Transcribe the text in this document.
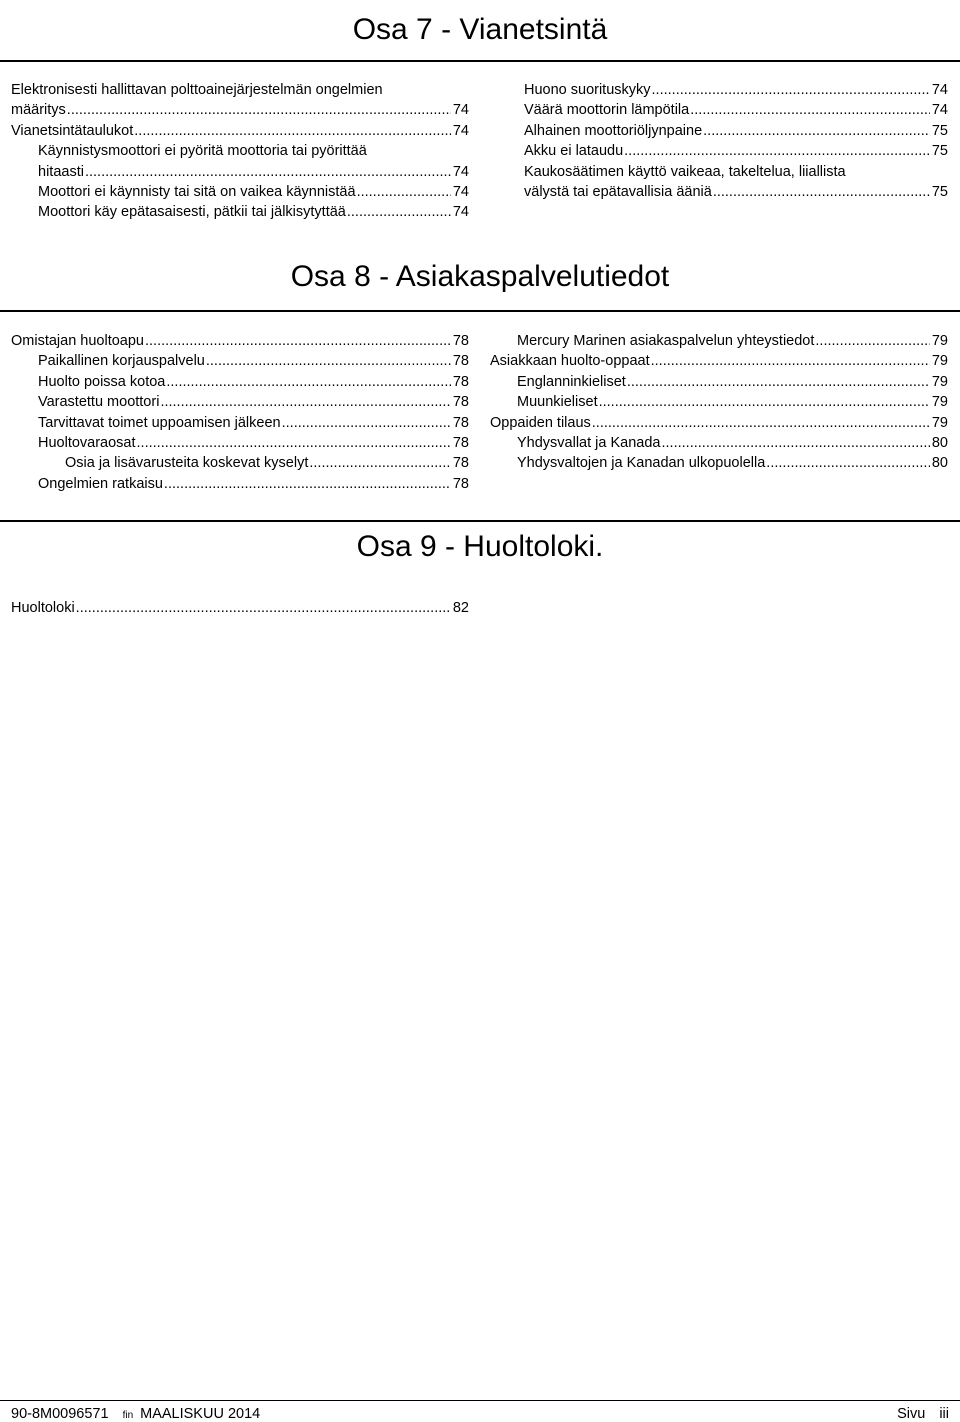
Osa 7 - Vianetsintä
Elektronisesti hallittavan polttoainejärjestelmän ongelmien
määritys .....	74
Vianetsintätaulukot .....	74
Käynnistysmoottori ei pyöritä moottoria tai pyörittää
hitaasti .....	74
Moottori ei käynnisty tai sitä on vaikea käynnistää .....	74
Moottori käy epätasaisesti, pätkii tai jälkisytyttää .....	74
Huono suorituskyky .....	74
Väärä moottorin lämpötila .....	74
Alhainen moottoriöljynpaine .....	75
Akku ei lataudu .....	75
Kaukosäätimen käyttö vaikeaa, takeltelua, liiallista
välystä tai epätavallisia ääniä .....	75
Osa 8 - Asiakaspalvelutiedot
Omistajan huoltoapu .....	78
Paikallinen korjauspalvelu .....	78
Huolto poissa kotoa .....	78
Varastettu moottori .....	78
Tarvittavat toimet uppoamisen jälkeen .....	78
Huoltovaraosat .....	78
Osia ja lisävarusteita koskevat kyselyt .....	78
Ongelmien ratkaisu .....	78
Mercury Marinen asiakaspalvelun yhteystiedot .....	79
Asiakkaan huolto-oppaat .....	79
Englanninkieliset .....	79
Muunkieliset .....	79
Oppaiden tilaus .....	79
Yhdysvallat ja Kanada .....	80
Yhdysvaltojen ja Kanadan ulkopuolella .....	80
Osa 9 - Huoltoloki.
Huoltoloki .....	82
90-8M0096571 fin MAALISKUU 2014	Sivu iii
